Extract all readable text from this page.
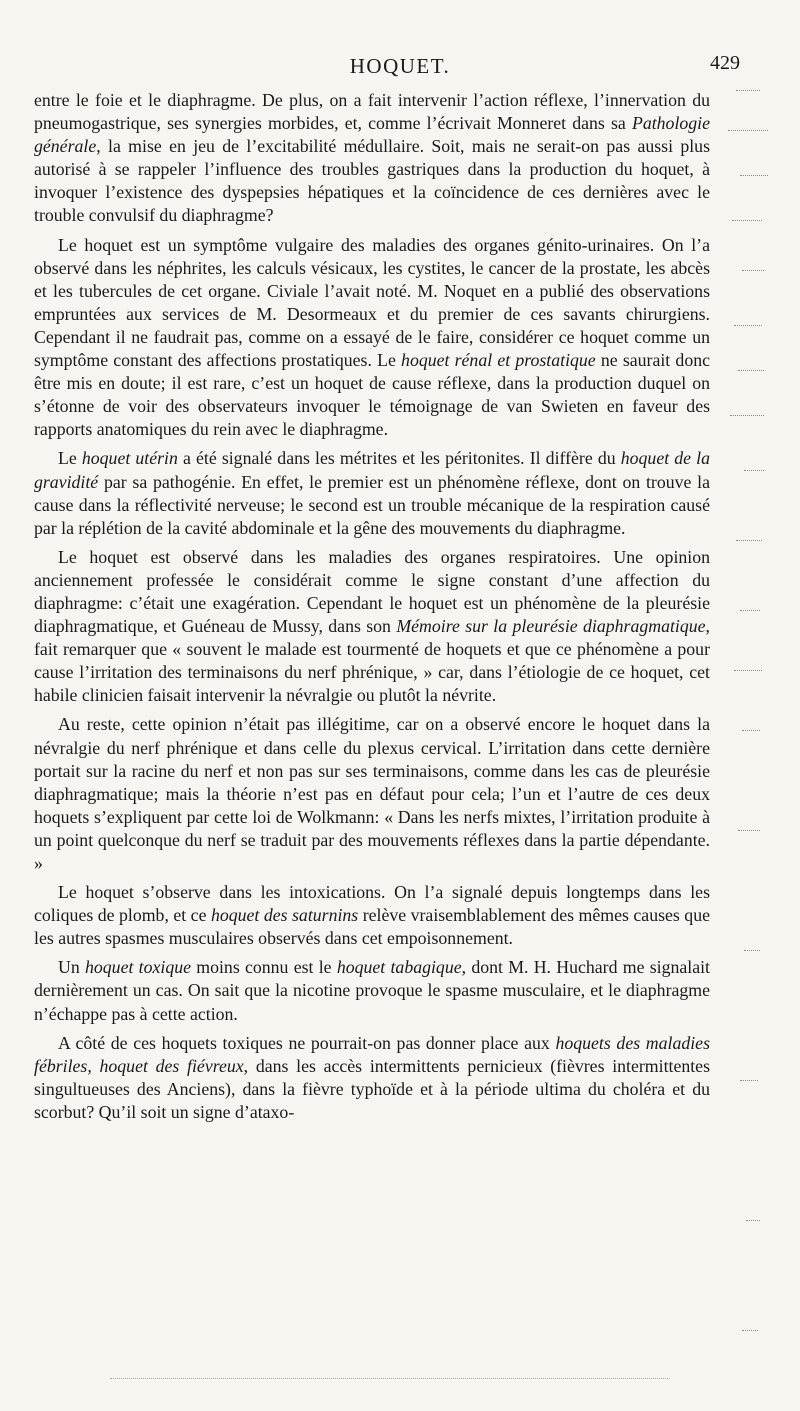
HOQUET.	429

entre le foie et le diaphragme. De plus, on a fait intervenir l’action réflexe, l’innervation du pneumogastrique, ses synergies morbides, et, comme l’écrivait Monneret dans sa Pathologie générale, la mise en jeu de l’excitabilité médullaire. Soit, mais ne serait-on pas aussi plus autorisé à se rappeler l’influence des troubles gastriques dans la production du hoquet, à invoquer l’existence des dyspepsies hépatiques et la coïncidence de ces dernières avec le trouble convulsif du diaphragme?

Le hoquet est un symptôme vulgaire des maladies des organes génito-urinaires. On l’a observé dans les néphrites, les calculs vésicaux, les cystites, le cancer de la prostate, les abcès et les tubercules de cet organe. Civiale l’avait noté. M. Noquet en a publié des observations empruntées aux services de M. Desormeaux et du premier de ces savants chirurgiens. Cependant il ne faudrait pas, comme on a essayé de le faire, considérer ce hoquet comme un symptôme constant des affections prostatiques. Le hoquet rénal et prostatique ne saurait donc être mis en doute; il est rare, c’est un hoquet de cause réflexe, dans la production duquel on s’étonne de voir des observateurs invoquer le témoignage de van Swieten en faveur des rapports anatomiques du rein avec le diaphragme.

Le hoquet utérin a été signalé dans les métrites et les péritonites. Il diffère du hoquet de la gravidité par sa pathogénie. En effet, le premier est un phénomène réflexe, dont on trouve la cause dans la réflectivité nerveuse; le second est un trouble mécanique de la respiration causé par la réplétion de la cavité abdominale et la gêne des mouvements du diaphragme.

Le hoquet est observé dans les maladies des organes respiratoires. Une opinion anciennement professée le considérait comme le signe constant d’une affection du diaphragme: c’était une exagération. Cependant le hoquet est un phénomène de la pleurésie diaphragmatique, et Guéneau de Mussy, dans son Mémoire sur la pleurésie diaphragmatique, fait remarquer que « souvent le malade est tourmenté de hoquets et que ce phénomène a pour cause l’irritation des terminaisons du nerf phrénique, » car, dans l’étiologie de ce hoquet, cet habile clinicien faisait intervenir la névralgie ou plutôt la névrite.

Au reste, cette opinion n’était pas illégitime, car on a observé encore le hoquet dans la névralgie du nerf phrénique et dans celle du plexus cervical. L’irritation dans cette dernière portait sur la racine du nerf et non pas sur ses terminaisons, comme dans les cas de pleurésie diaphragmatique; mais la théorie n’est pas en défaut pour cela; l’un et l’autre de ces deux hoquets s’expliquent par cette loi de Wolkmann: « Dans les nerfs mixtes, l’irritation produite à un point quelconque du nerf se traduit par des mouvements réflexes dans la partie dépendante. »

Le hoquet s’observe dans les intoxications. On l’a signalé depuis longtemps dans les coliques de plomb, et ce hoquet des saturnins relève vraisemblablement des mêmes causes que les autres spasmes musculaires observés dans cet empoisonnement.

Un hoquet toxique moins connu est le hoquet tabagique, dont M. H. Huchard me signalait dernièrement un cas. On sait que la nicotine provoque le spasme musculaire, et le diaphragme n’échappe pas à cette action.

A côté de ces hoquets toxiques ne pourrait-on pas donner place aux hoquets des maladies fébriles, hoquet des fiévreux, dans les accès intermittents pernicieux (fièvres intermittentes singultueuses des Anciens), dans la fièvre typhoïde et à la période ultima du choléra et du scorbut? Qu’il soit un signe d’ataxo-
